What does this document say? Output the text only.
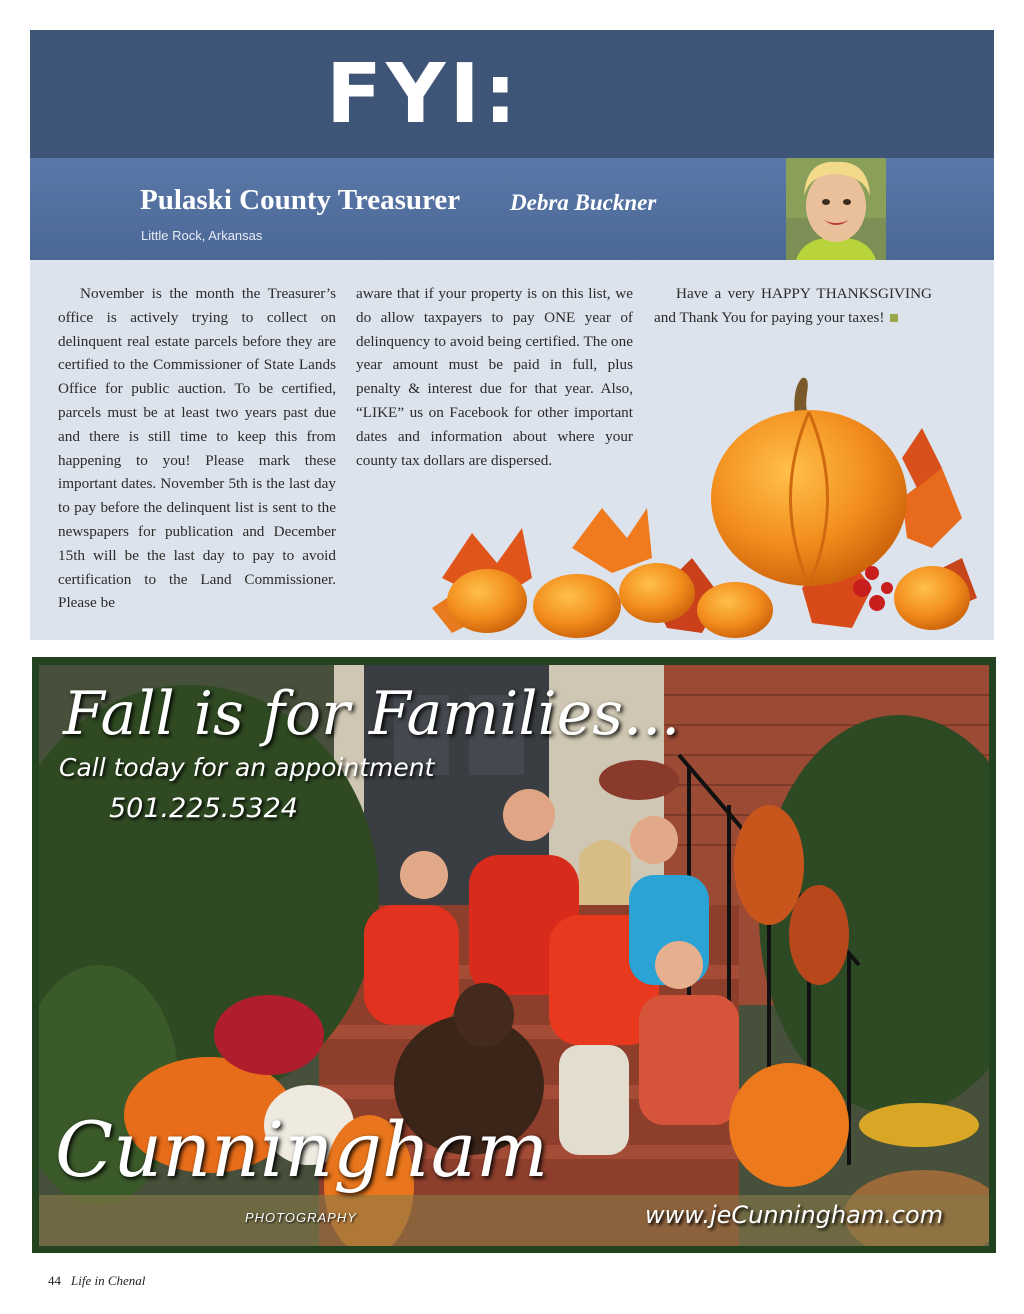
FYI:
Pulaski County Treasurer Debra Buckner
Little Rock, Arkansas

November is the month the Treasurer’s office is actively trying to collect on delinquent real estate parcels before they are certified to the Commissioner of State Lands Office for public auction. To be certified, parcels must be at least two years past due and there is still time to keep this from happening to you! Please mark these important dates. November 5th is the last day to pay before the delinquent list is sent to the newspapers for publication and December 15th will be the last day to pay to avoid certification to the Land Commissioner. Please be

aware that if your property is on this list, we do allow taxpayers to pay ONE year of delinquency to avoid being certified. The one year amount must be paid in full, plus penalty & interest due for that year. Also, “LIKE” us on Facebook for other important dates and information about where your county tax dollars are dispersed.

Have a very HAPPY THANKSGIVING and Thank You for paying your taxes!

Fall is for Families...
Call today for an appointment
501.225.5324
Cunningham
PHOTOGRAPHY	www.jeCunningham.com
44 Life in Chenal
